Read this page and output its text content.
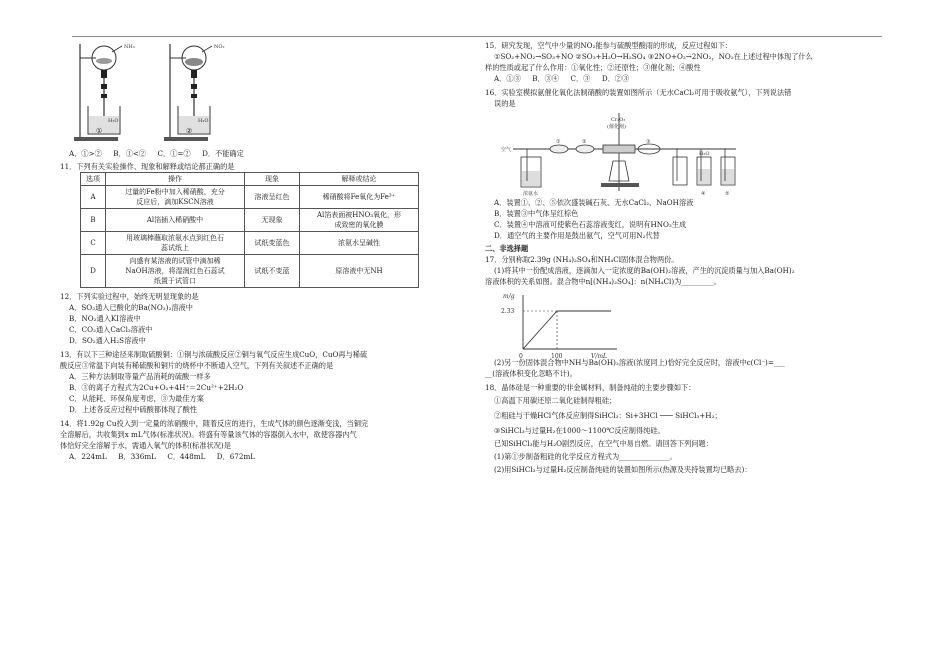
NH₃
H₂O
①
NO₂
H₂O
②
A．①>② B．①<② C．①=② D．不能确定
11．下列有关实验操作、现象和解释或结论都正确的是
选项	操作	现象	解释或结论
A	过量的Fe粉中加入稀硝酸，充分
反应后，滴加KSCN溶液	溶液呈红色	稀硝酸将Fe氧化为Fe³⁺
B	Al箔插入稀硝酸中	无现象	Al箔表面被HNO₃氧化，形
成致密的氧化膜

C	用玻璃棒蘸取浓氨水点到红色石
蕊试纸上	试纸变蓝色	浓氨水呈碱性
D	向盛有某溶液的试管中滴加稀
NaOH溶液，将湿润红色石蕊试
纸置于试管口	试纸不变蓝	原溶液中无NH
12．下列实验过程中，始终无明显现象的是
A．SO₂通入已酸化的Ba(NO₃)₂溶液中
B．NO₂通入KI溶液中
C．CO₂通入CaCl₂溶液中
D．SO₂通入H₂S溶液中
13．有以下三种途径来制取硫酸铜：①铜与浓硫酸反应②铜与氧气反应生成CuO，CuO再与稀硫
酸反应③常温下向装有稀硫酸和铜片的烧杯中不断通入空气，下列有关叙述不正确的是
A．三种方法制取等量产品消耗的硫酸一样多
B．③的离子方程式为2Cu+O₂+4H⁺＝2Cu²⁺+2H₂O
C．从能耗、环保角度考虑，③为最佳方案
D．上述各反应过程中硫酸都体现了酸性
14．将1.92g Cu投入到一定量的浓硝酸中，随着反应的进行，生成气体的颜色逐渐变浅，当铜完
全溶解后，共收集到x mL气体(标准状况)。将盛有等量该气体的容器倒入水中，欲使容器内气
体恰好完全溶解于水，需通入氧气的体积(标准状况)是
A．224mL B．336mL C．448mL D．672mL
15．研究发现，空气中少量的NO₂能参与硫酸型酸雨的形成，反应过程如下：
①SO₂+NO₂→SO₃+NO ②SO₃+H₂O→H₂SO₄ ③2NO+O₂→2NO₂，NO₂在上述过程中体现了什么
样的性质或起了什么作用：①氧化性；②还原性；③催化剂；④酸性
A．①③ B．③④ C．③ D．②③
16．实验室模拟氨催化氧化法制硝酸的装置如图所示（无水CaCl₂可用于吸收氨气），下列说法错
误的是
空气
浓氨水
①	②
Cr₂O₃
(催化剂)
③
H₂O
④	⑤
A．装置①、②、⑤依次盛装碱石灰、无水CaCl₂、NaOH溶液
B．装置③中气体呈红棕色
C．装置④中溶液可使紫色石蕊溶液变红，说明有HNO₃生成
D．通空气的主要作用是鼓出氨气，空气可用N₂代替
二、非选择题
17．分别称取2.39g (NH₄)₂SO₄和NH₄Cl固体混合物两份。
(1)将其中一份配成溶液，逐滴加入一定浓度的Ba(OH)₂溶液，产生的沉淀质量与加入Ba(OH)₂
溶液体积的关系如图。混合物中n[(NH₄)₂SO₄]：n(NH₄Cl)为_________。
m/g
V/mL
2.33
100
0
(2)另一份固体混合物中NH与Ba(OH)₂溶液(浓度同上)恰好完全反应时，溶液中c(Cl⁻)=___
__(溶液体积变化忽略不计)。
18．晶体硅是一种重要的非金属材料，制备纯硅的主要步骤如下：
①高温下用碳还原二氧化硅制得粗硅；
②粗硅与干燥HCl气体反应制得SiHCl₃：Si+3HCl ─── SiHCl₃+H₂；
③SiHCl₃与过量H₂在1000～1100℃反应制得纯硅。
已知SiHCl₃能与H₂O剧烈反应，在空气中易自燃。请回答下列问题：
(1)第①步制备粗硅的化学反应方程式为______________。
(2)用SiHCl₃与过量H₂反应制备纯硅的装置如图所示(热源及夹持装置均已略去)：
